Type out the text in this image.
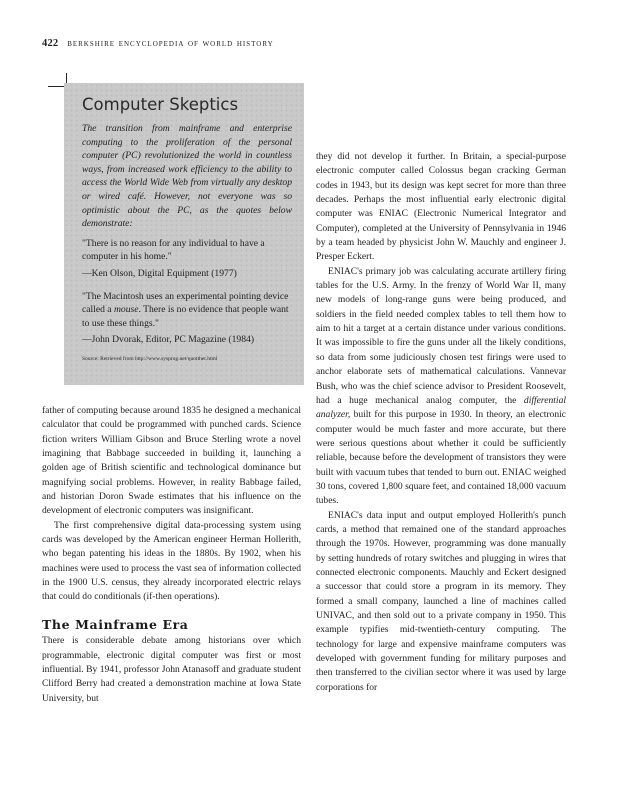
422 berkshire encyclopedia of world history
Computer Skeptics

The transition from mainframe and enterprise computing to the proliferation of the personal computer (PC) revolutionized the world in countless ways, from increased work efficiency to the ability to access the World Wide Web from virtually any desktop or wired café. However, not everyone was so optimistic about the PC, as the quotes below demonstrate:

"There is no reason for any individual to have a computer in his home."

—Ken Olson, Digital Equipment (1977)

"The Macintosh uses an experimental pointing device called a mouse. There is no evidence that people want to use these things."

—John Dvorak, Editor, PC Magazine (1984)

Source: Retrieved from http://www.sysprog.net/quotther.html

father of computing because around 1835 he designed a mechanical calculator that could be programmed with punched cards. Science fiction writers William Gibson and Bruce Sterling wrote a novel imagining that Babbage succeeded in building it, launching a golden age of British scientific and technological dominance but magnifying social problems. However, in reality Babbage failed, and historian Doron Swade estimates that his influence on the development of electronic computers was insignificant.

The first comprehensive digital data-processing system using cards was developed by the American engineer Herman Hollerith, who began patenting his ideas in the 1880s. By 1902, when his machines were used to process the vast sea of information collected in the 1900 U.S. census, they already incorporated electric relays that could do conditionals (if-then operations).

The Mainframe Era

There is considerable debate among historians over which programmable, electronic digital computer was first or most influential. By 1941, professor John Atanasoff and graduate student Clifford Berry had created a demonstration machine at Iowa State University, but

they did not develop it further. In Britain, a special-purpose electronic computer called Colossus began cracking German codes in 1943, but its design was kept secret for more than three decades. Perhaps the most influential early electronic digital computer was ENIAC (Electronic Numerical Integrator and Computer), completed at the University of Pennsylvania in 1946 by a team headed by physicist John W. Mauchly and engineer J. Presper Eckert.

ENIAC's primary job was calculating accurate artillery firing tables for the U.S. Army. In the frenzy of World War II, many new models of long-range guns were being produced, and soldiers in the field needed complex tables to tell them how to aim to hit a target at a certain distance under various conditions. It was impossible to fire the guns under all the likely conditions, so data from some judiciously chosen test firings were used to anchor elaborate sets of mathematical calculations. Vannevar Bush, who was the chief science advisor to President Roosevelt, had a huge mechanical analog computer, the differential analyzer, built for this purpose in 1930. In theory, an electronic computer would be much faster and more accurate, but there were serious questions about whether it could be sufficiently reliable, because before the development of transistors they were built with vacuum tubes that tended to burn out. ENIAC weighed 30 tons, covered 1,800 square feet, and contained 18,000 vacuum tubes.

ENIAC's data input and output employed Hollerith's punch cards, a method that remained one of the standard approaches through the 1970s. However, programming was done manually by setting hundreds of rotary switches and plugging in wires that connected electronic components. Mauchly and Eckert designed a successor that could store a program in its memory. They formed a small company, launched a line of machines called UNIVAC, and then sold out to a private company in 1950. This example typifies mid-twentieth-century computing. The technology for large and expensive mainframe computers was developed with government funding for military purposes and then transferred to the civilian sector where it was used by large corporations for
